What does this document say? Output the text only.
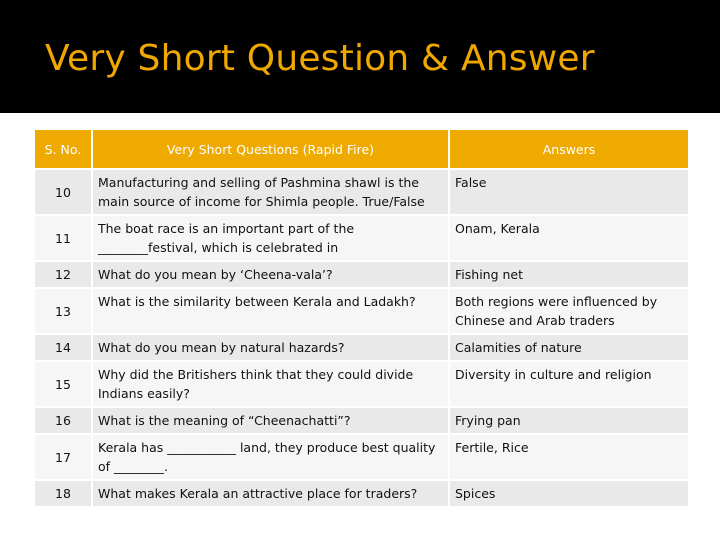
Very Short Question & Answer
S. No.	Very Short Questions (Rapid Fire)	Answers
10	Manufacturing and selling of Pashmina shawl is the main source of income for Shimla people. True/False	False
11	The boat race is an important part of the ________festival, which is celebrated in	Onam, Kerala
12	What do you mean by ‘Cheena-vala’?	Fishing net
13	What is the similarity between Kerala and Ladakh?	Both regions were influenced by Chinese and Arab traders
14	What do you mean by natural hazards?	Calamities of nature
15	Why did the Britishers think that they could divide Indians easily?	Diversity in culture and religion
16	What is the meaning of “Cheenachatti”?	Frying pan
17	Kerala has ___________ land, they produce best quality of ________.	Fertile, Rice
18	What makes Kerala an attractive place for traders?	Spices
